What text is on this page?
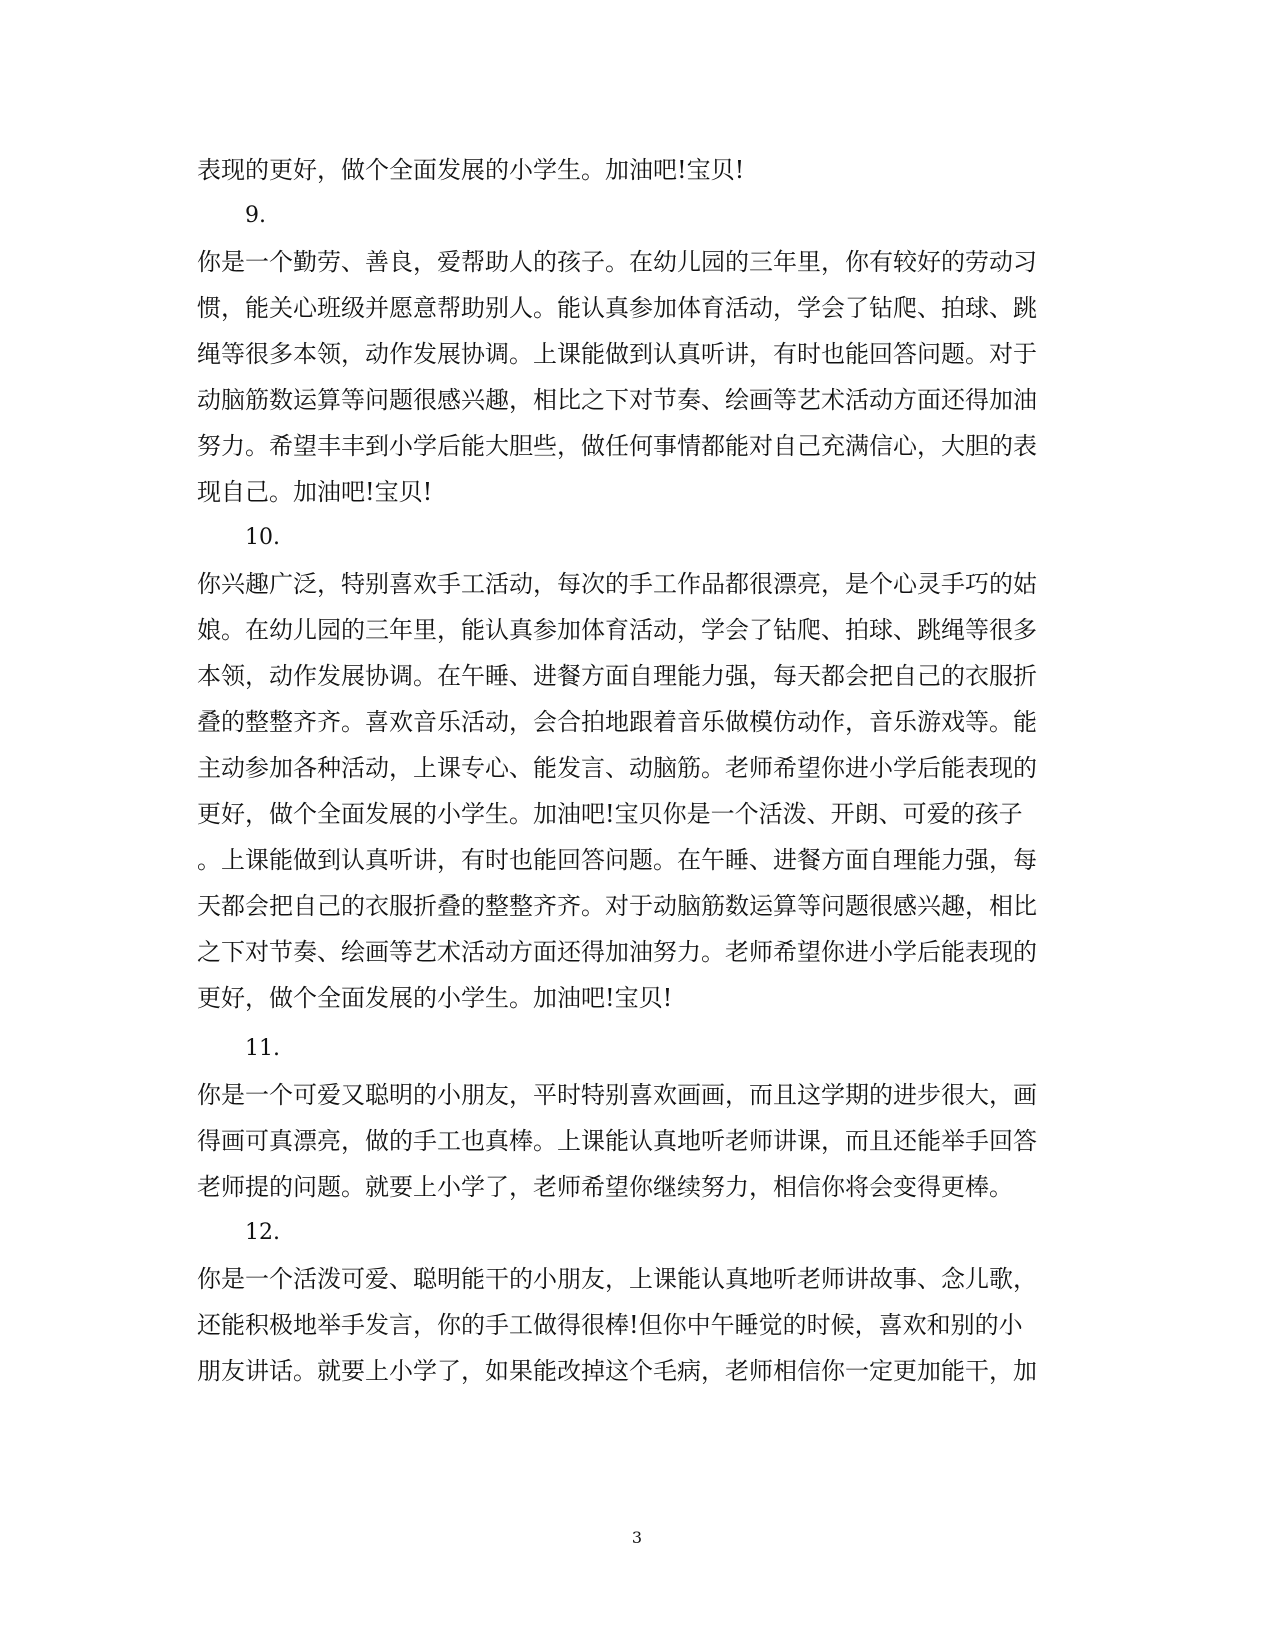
表现的更好，做个全面发展的小学生。加油吧!宝贝!
9.
你是一个勤劳、善良，爱帮助人的孩子。在幼儿园的三年里，你有较好的劳动习
惯，能关心班级并愿意帮助别人。能认真参加体育活动，学会了钻爬、拍球、跳
绳等很多本领，动作发展协调。上课能做到认真听讲，有时也能回答问题。对于
动脑筋数运算等问题很感兴趣，相比之下对节奏、绘画等艺术活动方面还得加油
努力。希望丰丰到小学后能大胆些，做任何事情都能对自己充满信心，大胆的表
现自己。加油吧!宝贝!
10.
你兴趣广泛，特别喜欢手工活动，每次的手工作品都很漂亮，是个心灵手巧的姑
娘。在幼儿园的三年里，能认真参加体育活动，学会了钻爬、拍球、跳绳等很多
本领，动作发展协调。在午睡、进餐方面自理能力强，每天都会把自己的衣服折
叠的整整齐齐。喜欢音乐活动，会合拍地跟着音乐做模仿动作，音乐游戏等。能
主动参加各种活动，上课专心、能发言、动脑筋。老师希望你进小学后能表现的
更好，做个全面发展的小学生。加油吧!宝贝你是一个活泼、开朗、可爱的孩子
。上课能做到认真听讲，有时也能回答问题。在午睡、进餐方面自理能力强，每
天都会把自己的衣服折叠的整整齐齐。对于动脑筋数运算等问题很感兴趣，相比
之下对节奏、绘画等艺术活动方面还得加油努力。老师希望你进小学后能表现的
更好，做个全面发展的小学生。加油吧!宝贝!
11.
你是一个可爱又聪明的小朋友，平时特别喜欢画画，而且这学期的进步很大，画
得画可真漂亮，做的手工也真棒。上课能认真地听老师讲课，而且还能举手回答
老师提的问题。就要上小学了，老师希望你继续努力，相信你将会变得更棒。
12.
你是一个活泼可爱、聪明能干的小朋友，上课能认真地听老师讲故事、念儿歌，
还能积极地举手发言，你的手工做得很棒!但你中午睡觉的时候，喜欢和别的小
朋友讲话。就要上小学了，如果能改掉这个毛病，老师相信你一定更加能干，加
3
